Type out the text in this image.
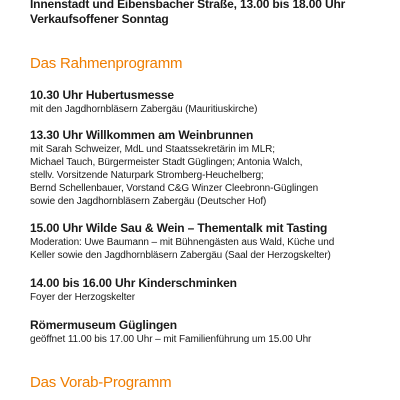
Innenstadt und Eibensbacher Straße, 13.00 bis 18.00 Uhr
Verkaufsoffener Sonntag
Das Rahmenprogramm
10.30 Uhr Hubertusmesse
mit den Jagdhornbläsern Zabergäu (Mauritiuskirche)
13.30 Uhr Willkommen am Weinbrunnen
mit Sarah Schweizer, MdL und Staatssekretärin im MLR;
Michael Tauch, Bürgermeister Stadt Güglingen; Antonia Walch,
stellv. Vorsitzende Naturpark Stromberg-Heuchelberg;
Bernd Schellenbauer, Vorstand C&G Winzer Cleebronn-Güglingen
sowie den Jagdhornbläsern Zabergäu (Deutscher Hof)
15.00 Uhr Wilde Sau & Wein – Thementalk mit Tasting
Moderation: Uwe Baumann – mit Bühnengästen aus Wald, Küche und
Keller sowie den Jagdhornbläsern Zabergäu (Saal der Herzogskelter)
14.00 bis 16.00 Uhr Kinderschminken
Foyer der Herzogskelter
Römermuseum Güglingen
geöffnet 11.00 bis 17.00 Uhr – mit Familienführung um 15.00 Uhr
Das Vorab-Programm
